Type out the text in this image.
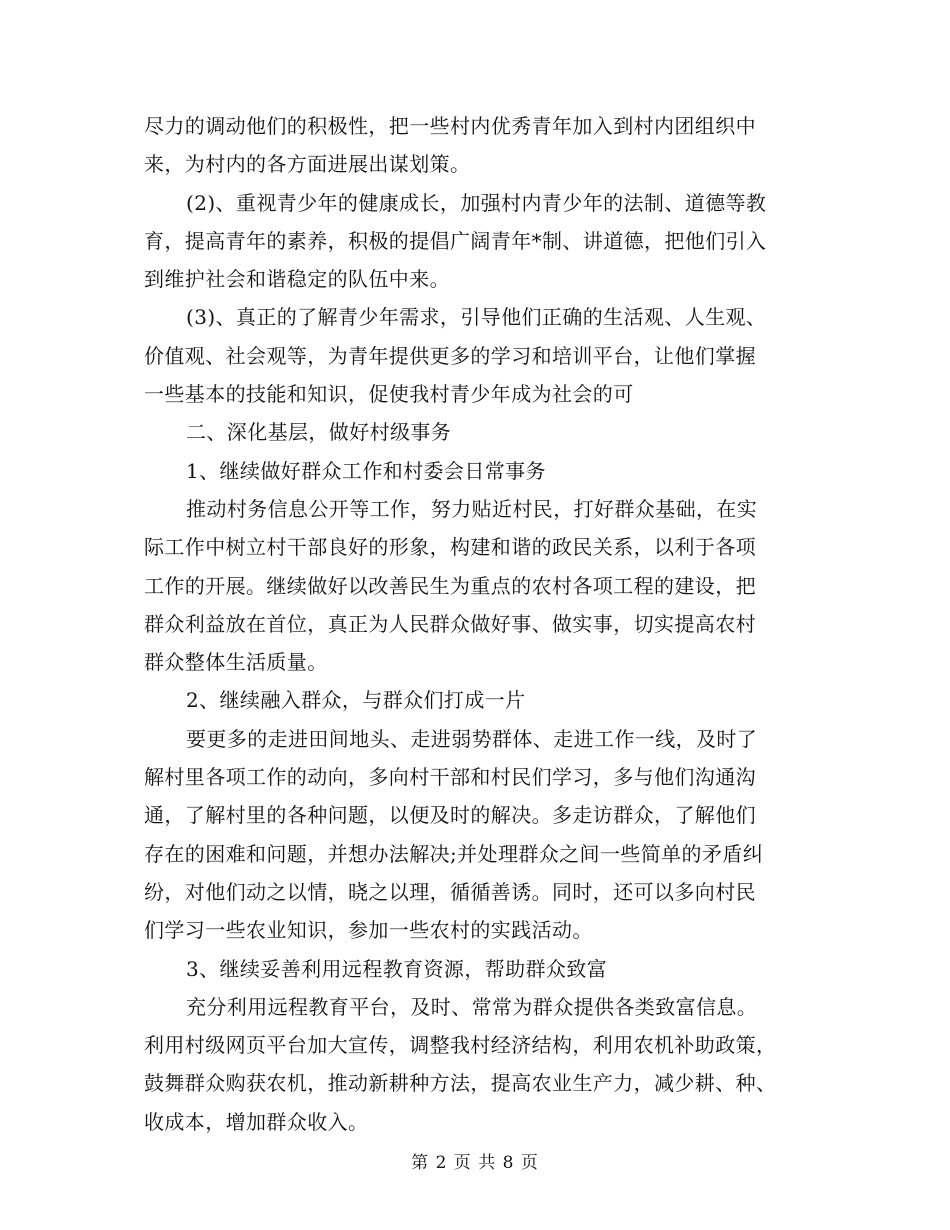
尽力的调动他们的积极性，把一些村内优秀青年加入到村内团组织中
来，为村内的各方面进展出谋划策。
(2)、重视青少年的健康成长，加强村内青少年的法制、道德等教
育，提高青年的素养，积极的提倡广阔青年*制、讲道德，把他们引入
到维护社会和谐稳定的队伍中来。
(3)、真正的了解青少年需求，引导他们正确的生活观、人生观、
价值观、社会观等，为青年提供更多的学习和培训平台，让他们掌握
一些基本的技能和知识，促使我村青少年成为社会的可
二、深化基层，做好村级事务
1、继续做好群众工作和村委会日常事务
推动村务信息公开等工作，努力贴近村民，打好群众基础，在实
际工作中树立村干部良好的形象，构建和谐的政民关系，以利于各项
工作的开展。继续做好以改善民生为重点的农村各项工程的建设，把
群众利益放在首位，真正为人民群众做好事、做实事，切实提高农村
群众整体生活质量。
2、继续融入群众，与群众们打成一片
要更多的走进田间地头、走进弱势群体、走进工作一线，及时了
解村里各项工作的动向，多向村干部和村民们学习，多与他们沟通沟
通，了解村里的各种问题，以便及时的解决。多走访群众，了解他们
存在的困难和问题，并想办法解决;并处理群众之间一些简单的矛盾纠
纷，对他们动之以情，晓之以理，循循善诱。同时，还可以多向村民
们学习一些农业知识，参加一些农村的实践活动。
3、继续妥善利用远程教育资源，帮助群众致富
充分利用远程教育平台，及时、常常为群众提供各类致富信息。
利用村级网页平台加大宣传，调整我村经济结构，利用农机补助政策，
鼓舞群众购获农机，推动新耕种方法，提高农业生产力，减少耕、种、
收成本，增加群众收入。
第 2 页 共 8 页
